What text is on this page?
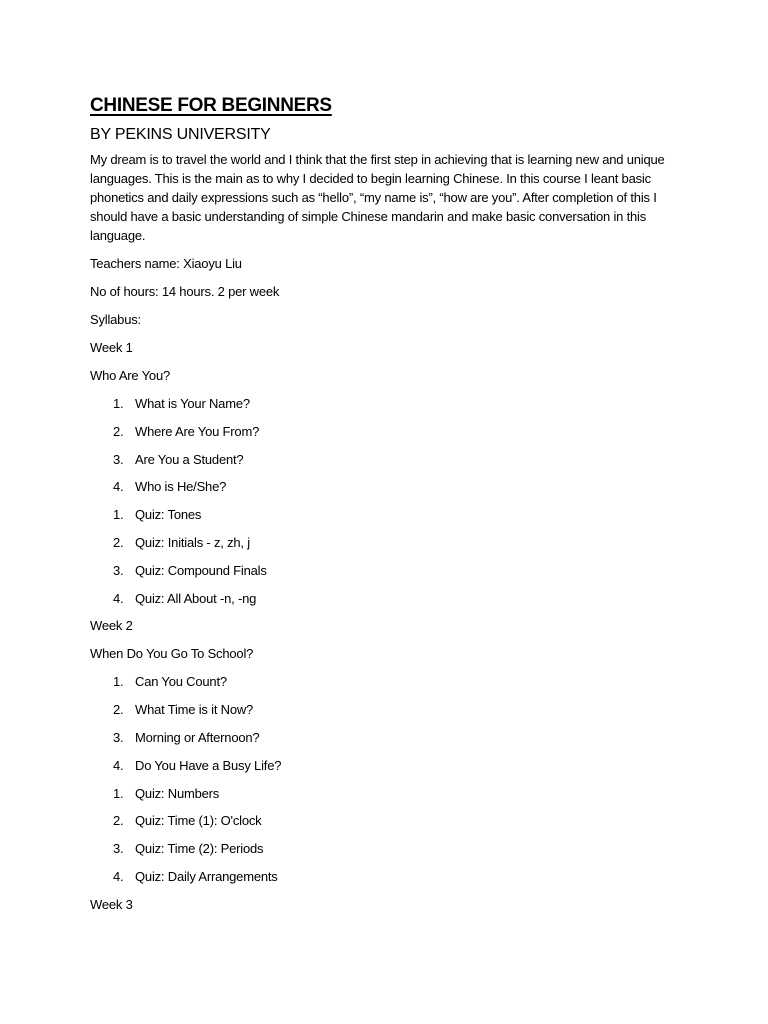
CHINESE FOR BEGINNERS

BY PEKINS UNIVERSITY

My dream is to travel the world and I think that the first step in achieving that is learning new and unique languages. This is the main as to why I decided to begin learning Chinese. In this course I leant basic phonetics and daily expressions such as “hello”, “my name is”, “how are you”. After completion of this I should have a basic understanding of simple Chinese mandarin and make basic conversation in this language.

Teachers name: Xiaoyu Liu

No of hours: 14 hours. 2 per week

Syllabus:

Week 1

Who Are You?

1. What is Your Name?
2. Where Are You From?
3. Are You a Student?
4. Who is He/She?
1. Quiz: Tones
2. Quiz: Initials - z, zh, j
3. Quiz: Compound Finals
4. Quiz: All About -n, -ng

Week 2

When Do You Go To School?

1. Can You Count?
2. What Time is it Now?
3. Morning or Afternoon?
4. Do You Have a Busy Life?
1. Quiz: Numbers
2. Quiz: Time (1): O'clock
3. Quiz: Time (2): Periods
4. Quiz: Daily Arrangements

Week 3
